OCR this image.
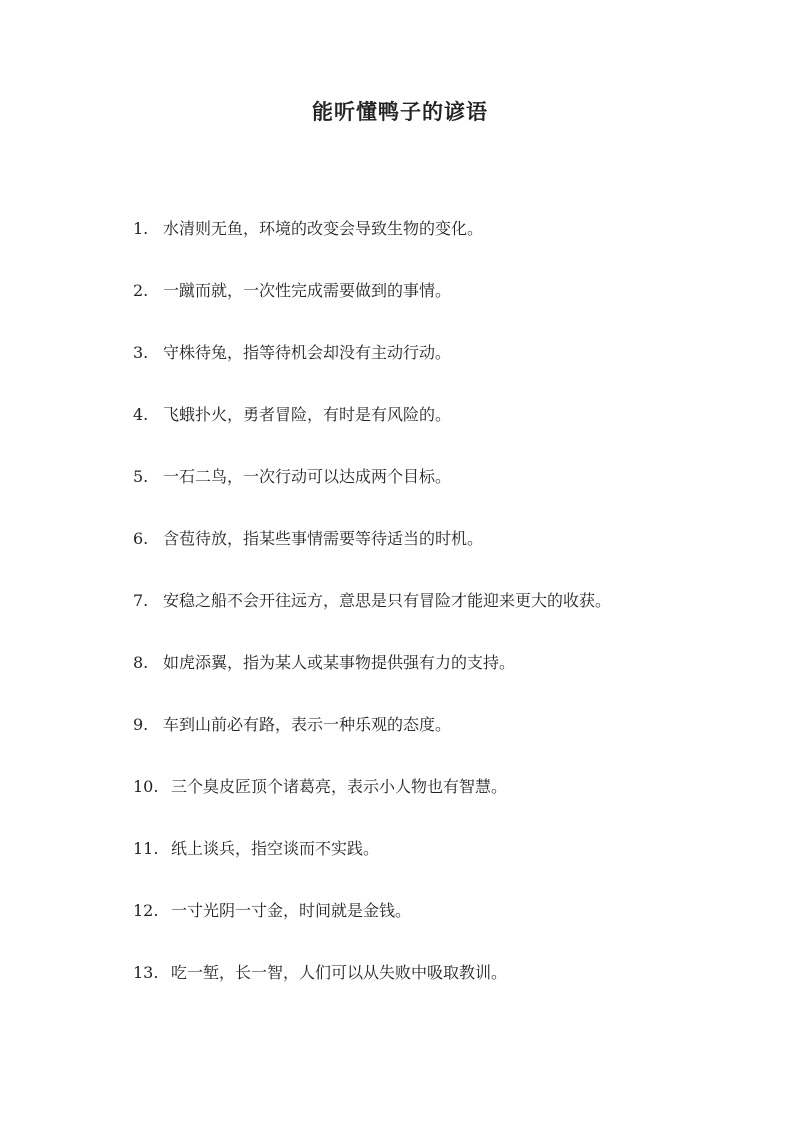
能听懂鸭子的谚语
1. 水清则无鱼，环境的改变会导致生物的变化。
2. 一蹴而就，一次性完成需要做到的事情。
3. 守株待兔，指等待机会却没有主动行动。
4. 飞蛾扑火，勇者冒险，有时是有风险的。
5. 一石二鸟，一次行动可以达成两个目标。
6. 含苞待放，指某些事情需要等待适当的时机。
7. 安稳之船不会开往远方，意思是只有冒险才能迎来更大的收获。
8. 如虎添翼，指为某人或某事物提供强有力的支持。
9. 车到山前必有路，表示一种乐观的态度。
10. 三个臭皮匠顶个诸葛亮，表示小人物也有智慧。
11. 纸上谈兵，指空谈而不实践。
12. 一寸光阴一寸金，时间就是金钱。
13. 吃一堑，长一智，人们可以从失败中吸取教训。
